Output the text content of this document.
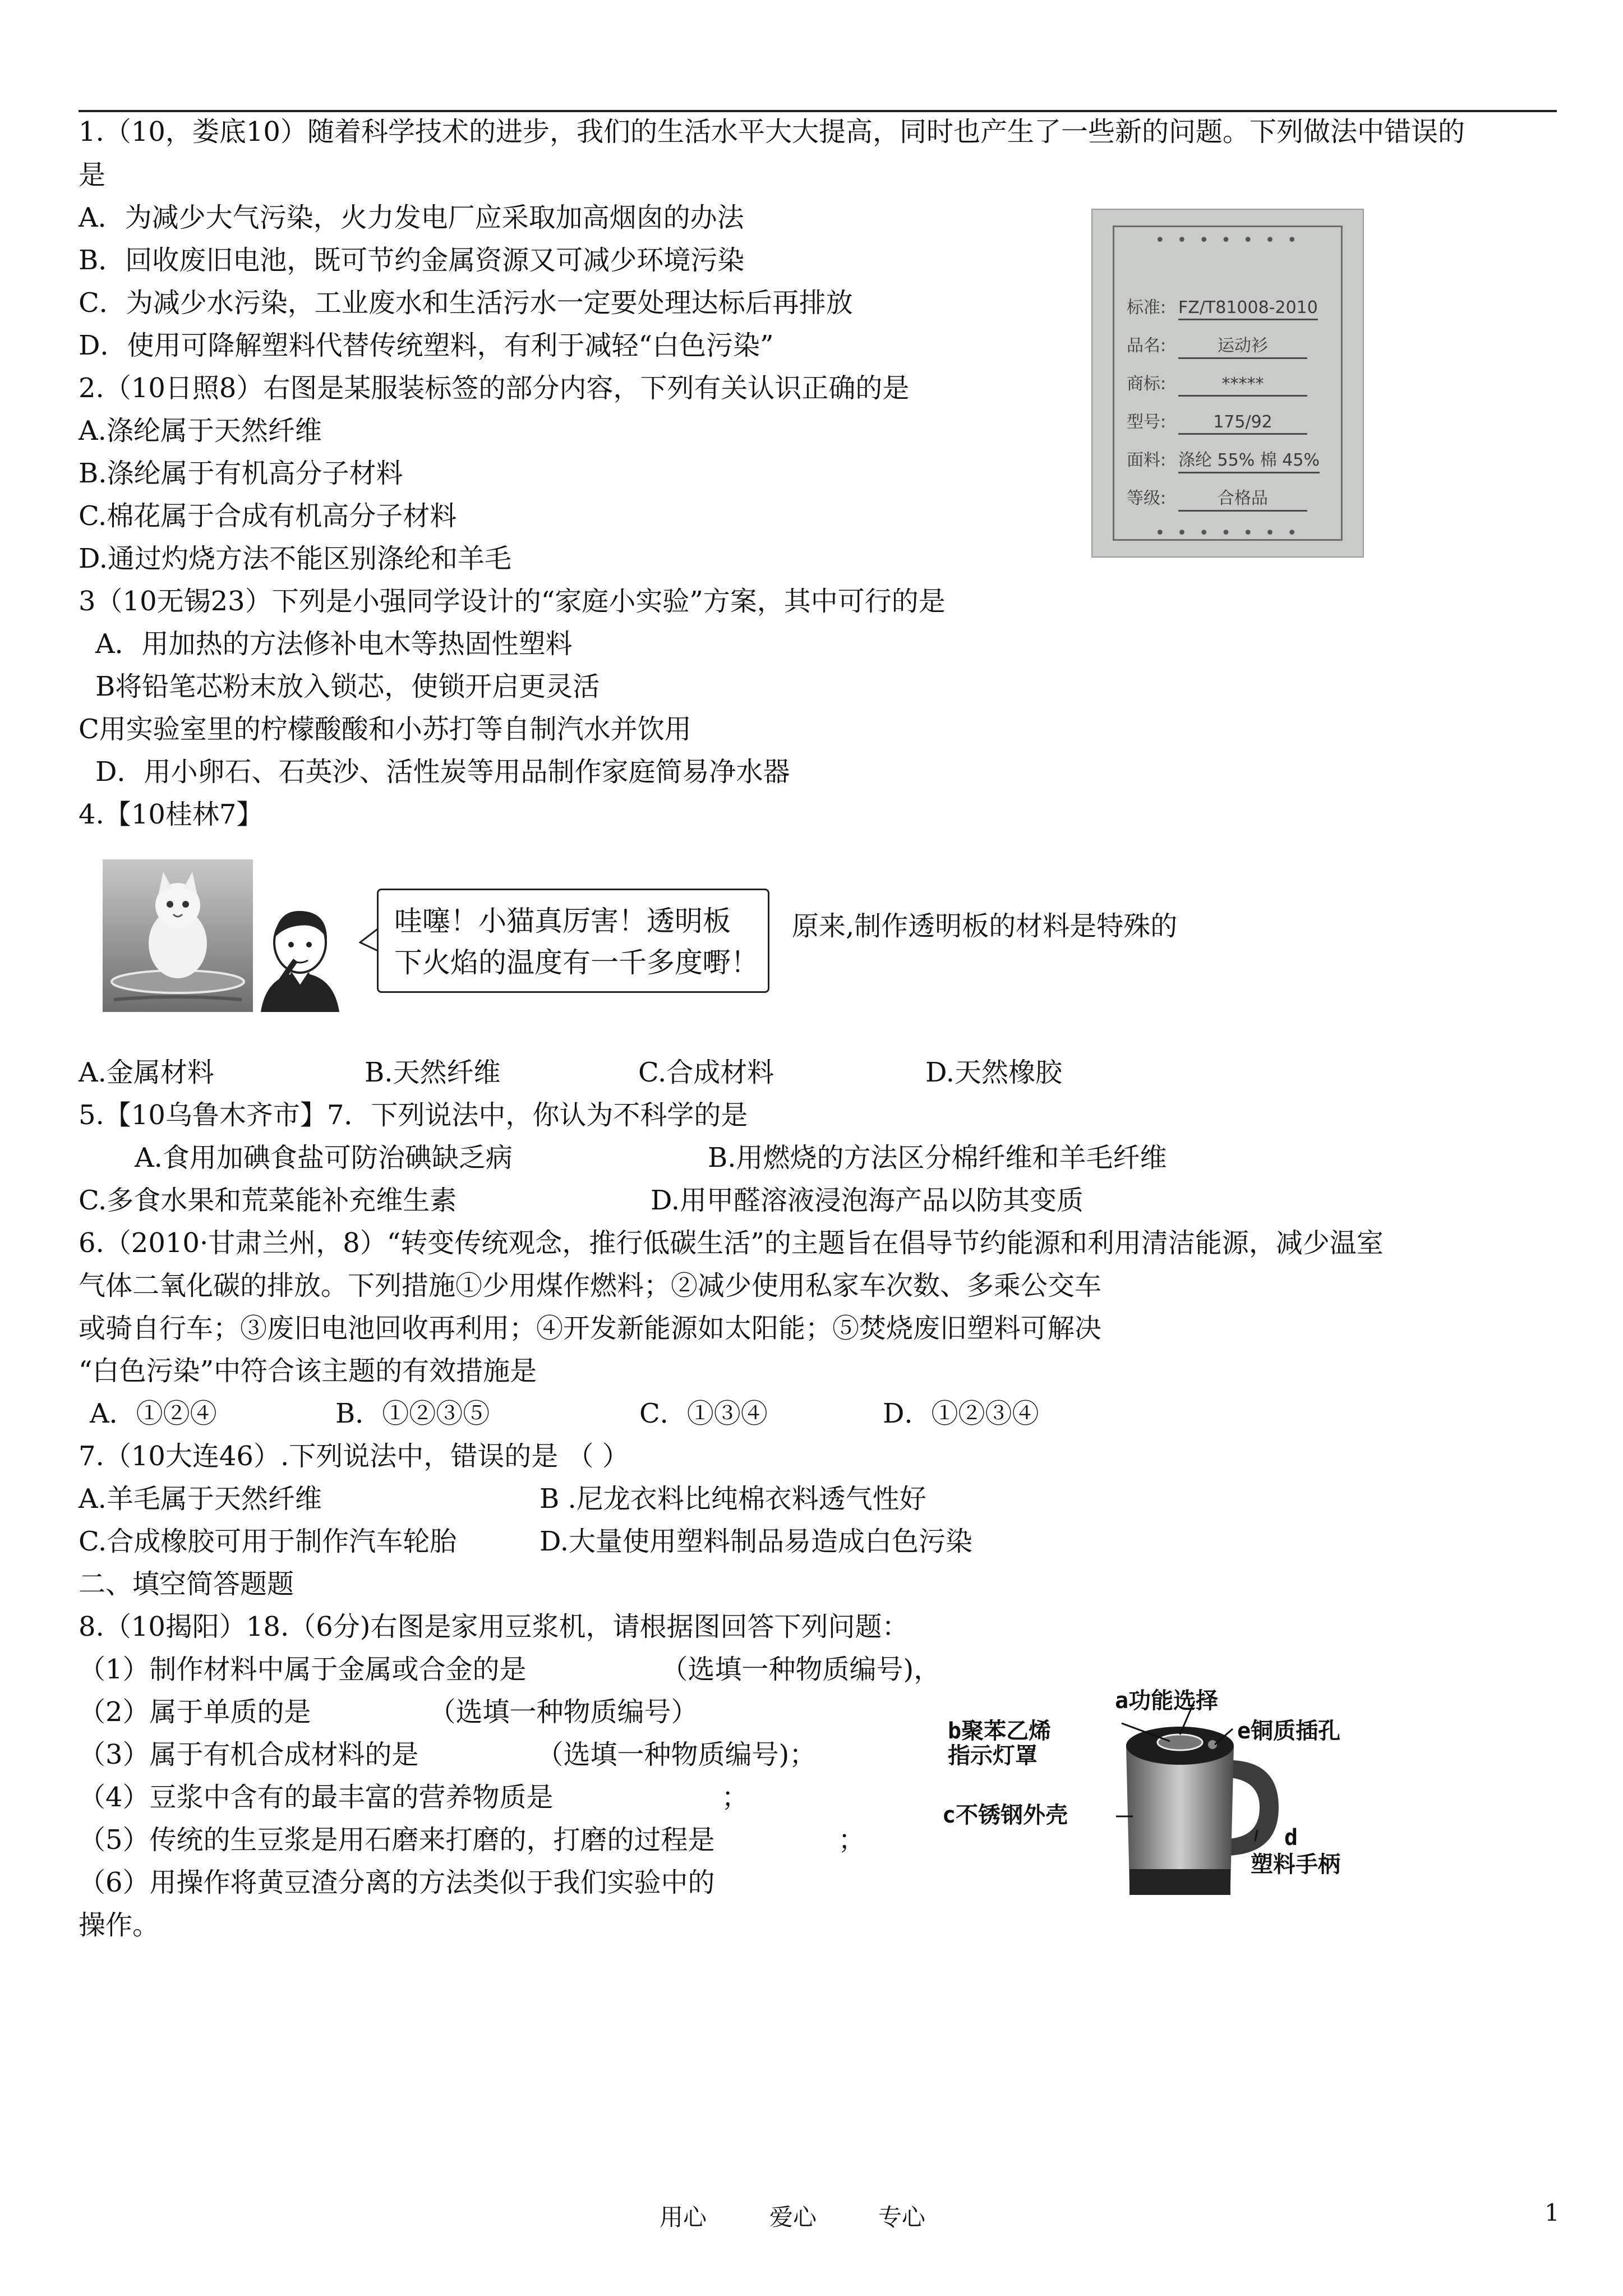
1.（10，娄底10）随着科学技术的进步，我们的生活水平大大提高，同时也产生了一些新的问题。下列做法中错误的
是
A．为减少大气污染，火力发电厂应采取加高烟囱的办法
B．回收废旧电池，既可节约金属资源又可减少环境污染
C．为减少水污染，工业废水和生活污水一定要处理达标后再排放
D．使用可降解塑料代替传统塑料，有利于减轻“白色污染”
2.（10日照8）右图是某服装标签的部分内容，下列有关认识正确的是
A.涤纶属于天然纤维
B.涤纶属于有机高分子材料
C.棉花属于合成有机高分子材料
D.通过灼烧方法不能区别涤纶和羊毛
3（10无锡23）下列是小强同学设计的“家庭小实验”方案，其中可行的是
A．用加热的方法修补电木等热固性塑料
B将铅笔芯粉末放入锁芯，使锁开启更灵活
C用实验室里的柠檬酸酸和小苏打等自制汽水并饮用
D．用小卵石、石英沙、活性炭等用品制作家庭简易净水器
4.【10桂林7】
• • • • • • •
标准: FZ/T81008-2010
品名:	运动衫
商标:	*****
型号:	175/92
面料: 涤纶 55% 棉 45%
等级:	合格品
• • • • • • •
哇噻！小猫真厉害！透明板
下火焰的温度有一千多度嘢！
原来,制作透明板的材料是特殊的
A.金属材料	B.天然纤维	C.合成材料	D.天然橡胶
5.【10乌鲁木齐市】7．下列说法中，你认为不科学的是
A.食用加碘食盐可防治碘缺乏病	B.用燃烧的方法区分棉纤维和羊毛纤维
C.多食水果和荒菜能补充维生素	D.用甲醛溶液浸泡海产品以防其变质
6.（2010·甘肃兰州，8）“转变传统观念，推行低碳生活”的主题旨在倡导节约能源和利用清洁能源，减少温室
气体二氧化碳的排放。下列措施①少用煤作燃料；②减少使用私家车次数、多乘公交车
或骑自行车；③废旧电池回收再利用；④开发新能源如太阳能；⑤焚烧废旧塑料可解决
“白色污染”中符合该主题的有效措施是
A．①②④	B．①②③⑤	C．①③④	D．①②③④
7.（10大连46）.下列说法中，错误的是 （ ）
A.羊毛属于天然纤维	B .尼龙衣料比纯棉衣料透气性好
C.合成橡胶可用于制作汽车轮胎	D.大量使用塑料制品易造成白色污染
二、填空简答题题
8.（10揭阳）18.（6分)右图是家用豆浆机，请根据图回答下列问题：
（1）制作材料中属于金属或合金的是	（选填一种物质编号)，
（2）属于单质的是	（选填一种物质编号）
（3）属于有机合成材料的是	（选填一种物质编号)；
（4）豆浆中含有的最丰富的营养物质是	；
（5）传统的生豆浆是用石磨来打磨的，打磨的过程是	；
（6）用操作将黄豆渣分离的方法类似于我们实验中的
操作。
a功能选择
b聚苯乙烯
指示灯罩
e铜质插孔
c不锈钢外壳
d
塑料手柄
用心	爱心	专心	1
